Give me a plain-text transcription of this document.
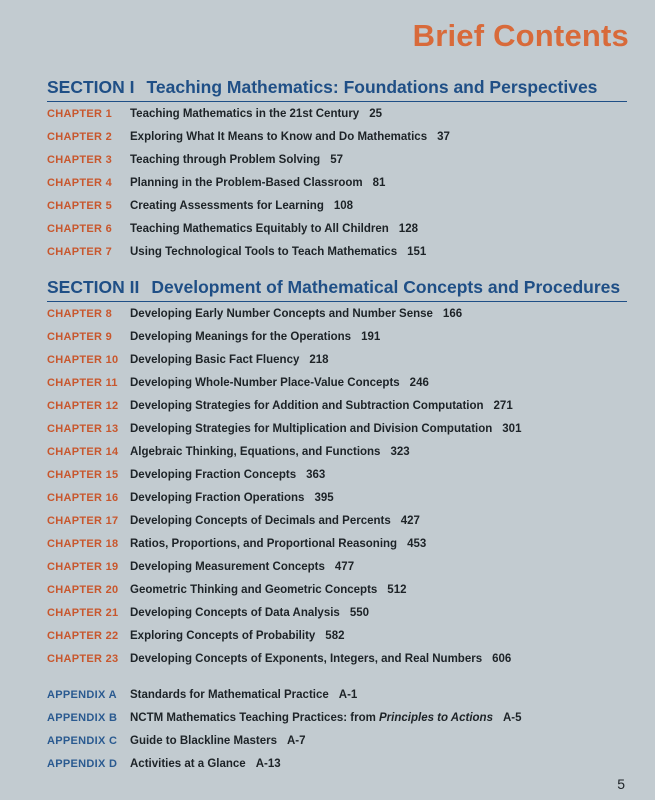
Brief Contents
SECTION I Teaching Mathematics: Foundations and Perspectives
CHAPTER 1 Teaching Mathematics in the 21st Century 25
CHAPTER 2 Exploring What It Means to Know and Do Mathematics 37
CHAPTER 3 Teaching through Problem Solving 57
CHAPTER 4 Planning in the Problem-Based Classroom 81
CHAPTER 5 Creating Assessments for Learning 108
CHAPTER 6 Teaching Mathematics Equitably to All Children 128
CHAPTER 7 Using Technological Tools to Teach Mathematics 151
SECTION II Development of Mathematical Concepts and Procedures
CHAPTER 8 Developing Early Number Concepts and Number Sense 166
CHAPTER 9 Developing Meanings for the Operations 191
CHAPTER 10 Developing Basic Fact Fluency 218
CHAPTER 11 Developing Whole-Number Place-Value Concepts 246
CHAPTER 12 Developing Strategies for Addition and Subtraction Computation 271
CHAPTER 13 Developing Strategies for Multiplication and Division Computation 301
CHAPTER 14 Algebraic Thinking, Equations, and Functions 323
CHAPTER 15 Developing Fraction Concepts 363
CHAPTER 16 Developing Fraction Operations 395
CHAPTER 17 Developing Concepts of Decimals and Percents 427
CHAPTER 18 Ratios, Proportions, and Proportional Reasoning 453
CHAPTER 19 Developing Measurement Concepts 477
CHAPTER 20 Geometric Thinking and Geometric Concepts 512
CHAPTER 21 Developing Concepts of Data Analysis 550
CHAPTER 22 Exploring Concepts of Probability 582
CHAPTER 23 Developing Concepts of Exponents, Integers, and Real Numbers 606
APPENDIX A Standards for Mathematical Practice A-1
APPENDIX B NCTM Mathematics Teaching Practices: from Principles to Actions A-5
APPENDIX C Guide to Blackline Masters A-7
APPENDIX D Activities at a Glance A-13
5
